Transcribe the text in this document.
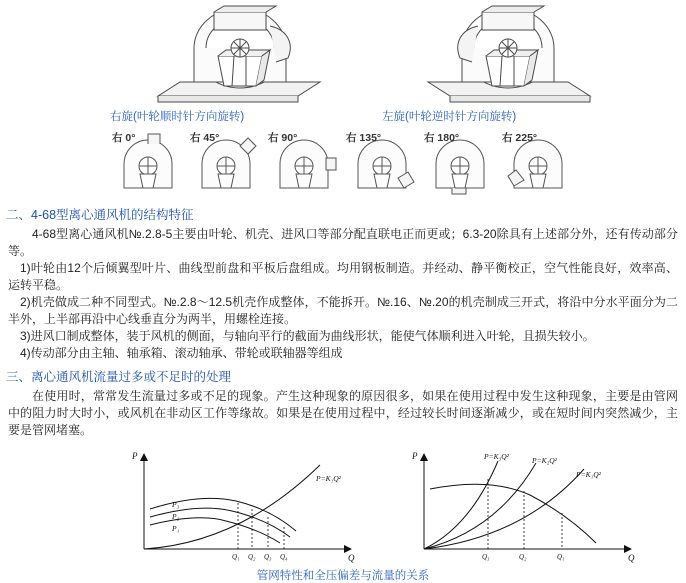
右旋(叶轮顺时针方向旋转)	左旋(叶轮逆时针方向旋转)
右 0°	右 45°	右 90°	右 135°	右 180°	右 225°
二、4-68型离心通风机的结构特征

4-68型离心通风机№.2.8-5主要由叶轮、机壳、进风口等部分配直联电正而更或；6.3-20除具有上述部分外，还有传动部分等。

1)叶轮由12个后倾翼型叶片、曲线型前盘和平板后盘组成。均用钢板制造。并经动、静平衡校正，空气性能良好，效率高、运转平稳。

2)机壳做成二种不同型式。№.2.8～12.5机壳作成整体，不能拆开。№.16、№.20的机壳制成三开式，将沿中分水平面分为二半外，上半部再沿中心线垂直分为两半，用螺栓连接。

3)进风口制成整体，装于风机的侧面，与轴向平行的截面为曲线形状，能使气体顺利进入叶轮，且损失较小。

4)传动部分由主轴、轴承箱、滚动轴承、带轮或联轴器等组成

三、离心通风机流量过多或不足时的处理

在使用时，常常发生流量过多或不足的现象。产生这种现象的原因很多，如果在使用过程中发生这种现象，主要是由管网中的阻力时大时小，或风机在非动区工作等缘故。如果是在使用过程中，经过较长时间逐渐减少，或在短时间内突然减少，主要是管网堵塞。

P
Q
P=K₁Q²
P₃
P₂
P₁
Q₁ Q₂ Q₃ Q₄
P
Q
P=K₃Q²	P=K₂Q²
P=K₁Q²
Q₃	Q₂	Q₁
管网特性和全压偏差与流量的关系
